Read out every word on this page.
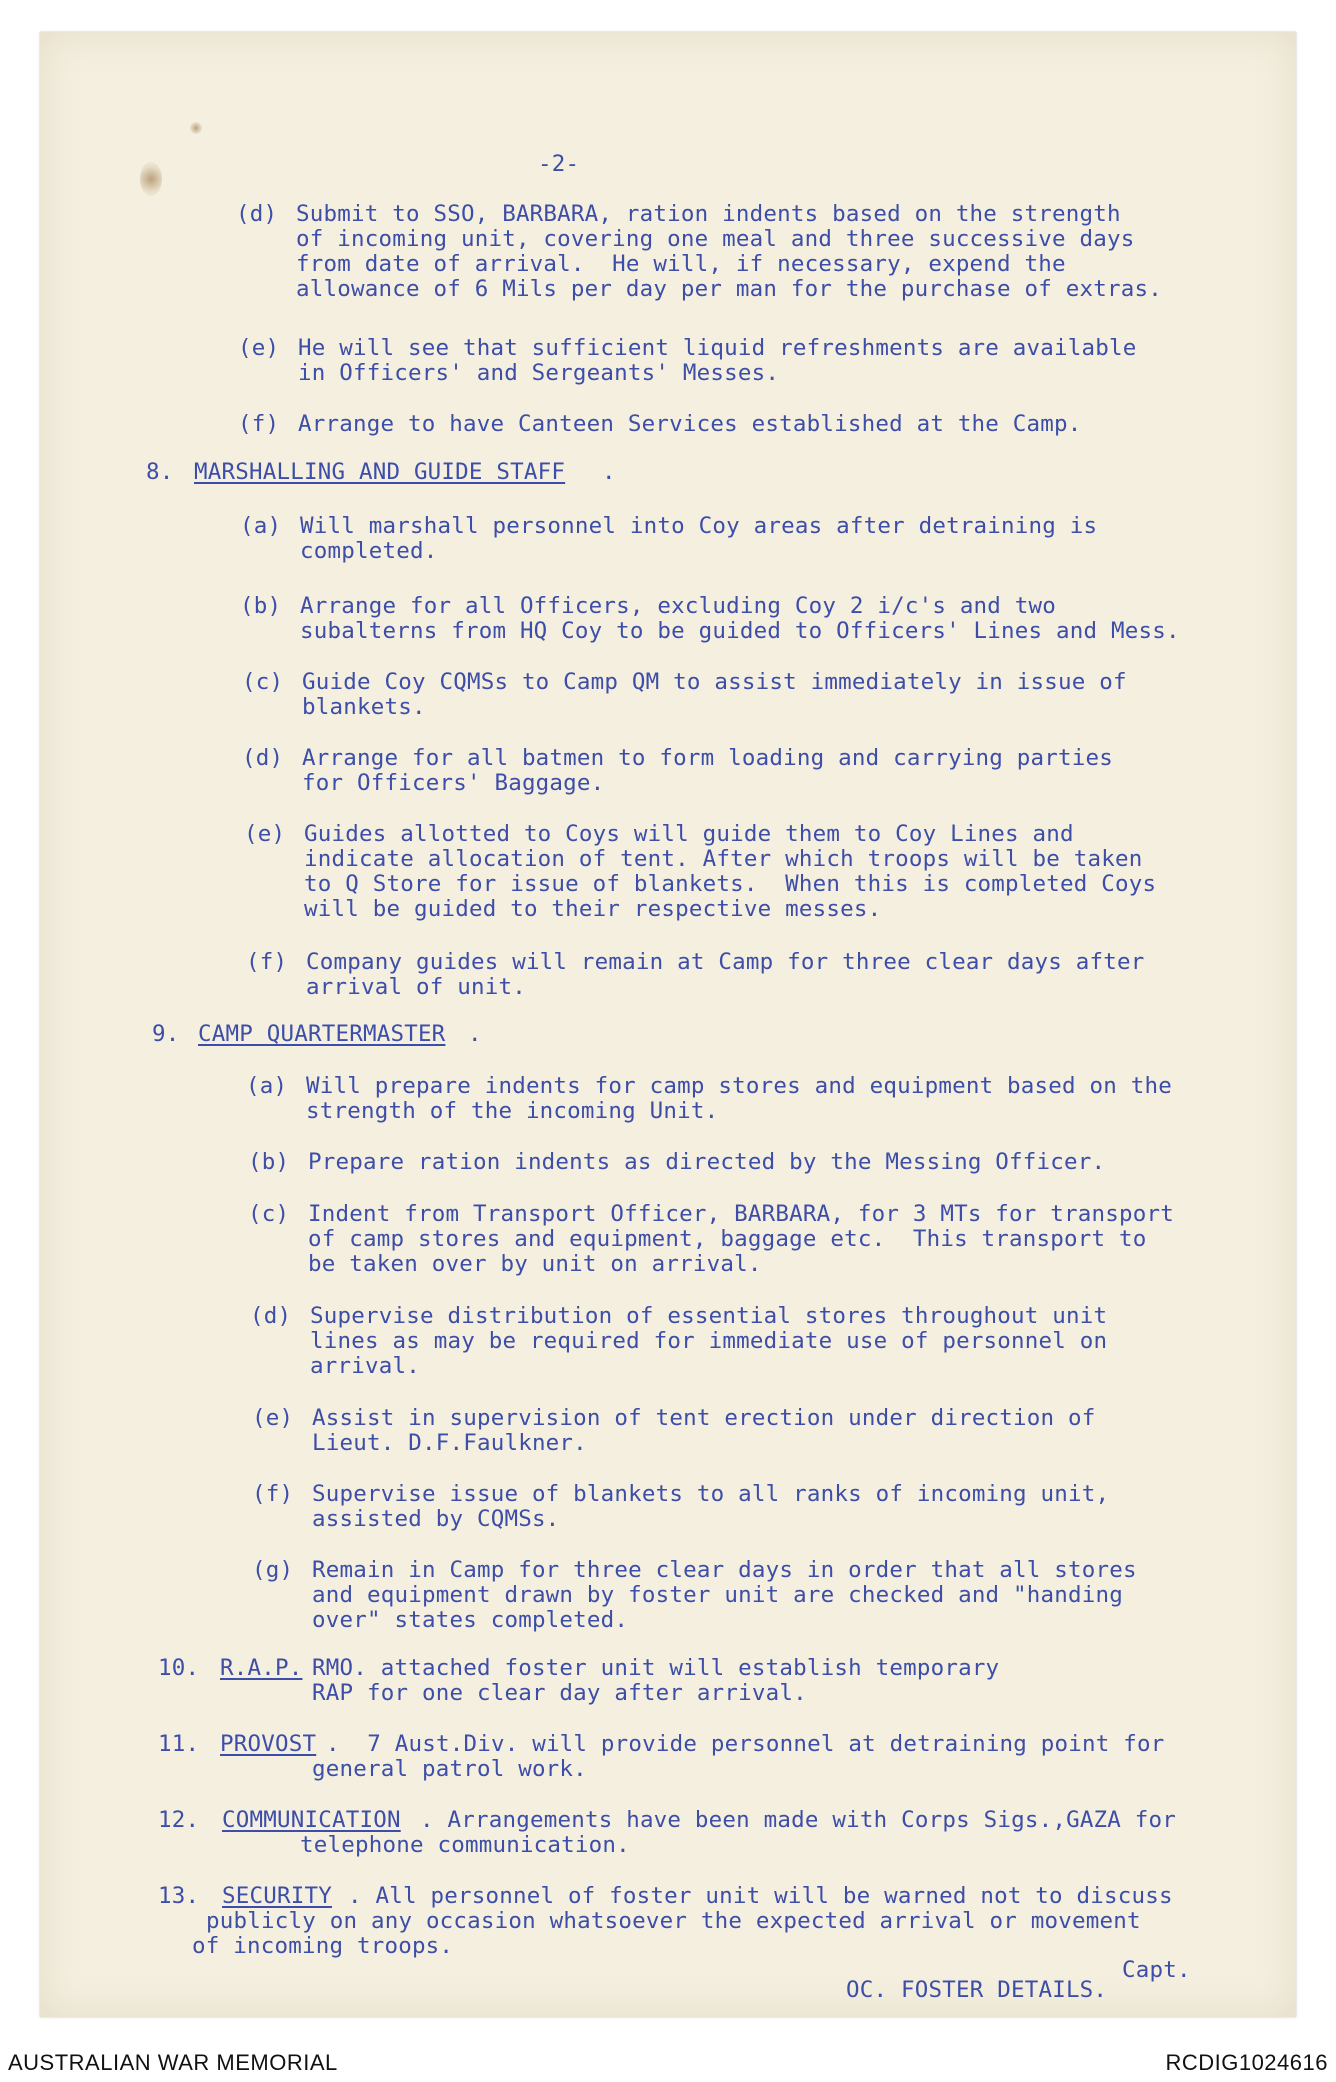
-2-
(d) Submit to SSO, BARBARA, ration indents based on the strength
of incoming unit, covering one meal and three successive days
from date of arrival.  He will, if necessary, expend the
allowance of 6 Mils per day per man for the purchase of extras.
(e) He will see that sufficient liquid refreshments are available
in Officers' and Sergeants' Messes.
(f) Arrange to have Canteen Services established at the Camp.
8. MARSHALLING AND GUIDE STAFF .
(a) Will marshall personnel into Coy areas after detraining is
completed.
(b) Arrange for all Officers, excluding Coy 2 i/c's and two
subalterns from HQ Coy to be guided to Officers' Lines and Mess.
(c) Guide Coy CQMSs to Camp QM to assist immediately in issue of
blankets.
(d) Arrange for all batmen to form loading and carrying parties
for Officers' Baggage.
(e) Guides allotted to Coys will guide them to Coy Lines and
indicate allocation of tent. After which troops will be taken
to Q Store for issue of blankets.  When this is completed Coys
will be guided to their respective messes.
(f) Company guides will remain at Camp for three clear days after
arrival of unit.
9. CAMP QUARTERMASTER .
(a) Will prepare indents for camp stores and equipment based on the
strength of the incoming Unit.
(b) Prepare ration indents as directed by the Messing Officer.
(c) Indent from Transport Officer, BARBARA, for 3 MTs for transport
of camp stores and equipment, baggage etc.  This transport to
be taken over by unit on arrival.
(d) Supervise distribution of essential stores throughout unit
lines as may be required for immediate use of personnel on
arrival.
(e) Assist in supervision of tent erection under direction of
Lieut. D.F.Faulkner.
(f) Supervise issue of blankets to all ranks of incoming unit,
assisted by CQMSs.
(g) Remain in Camp for three clear days in order that all stores
and equipment drawn by foster unit are checked and "handing
over" states completed.
10. R.A.P. RMO. attached foster unit will establish temporary
RAP for one clear day after arrival.
11. PROVOST .  7 Aust.Div. will provide personnel at detraining point for
general patrol work.
12. COMMUNICATION . Arrangements have been made with Corps Sigs.,GAZA for
telephone communication.
13. SECURITY . All personnel of foster unit will be warned not to discuss
publicly on any occasion whatsoever the expected arrival or movement
of incoming troops.
Capt.
OC. FOSTER DETAILS.
AUSTRALIAN WAR MEMORIAL	RCDIG1024616
